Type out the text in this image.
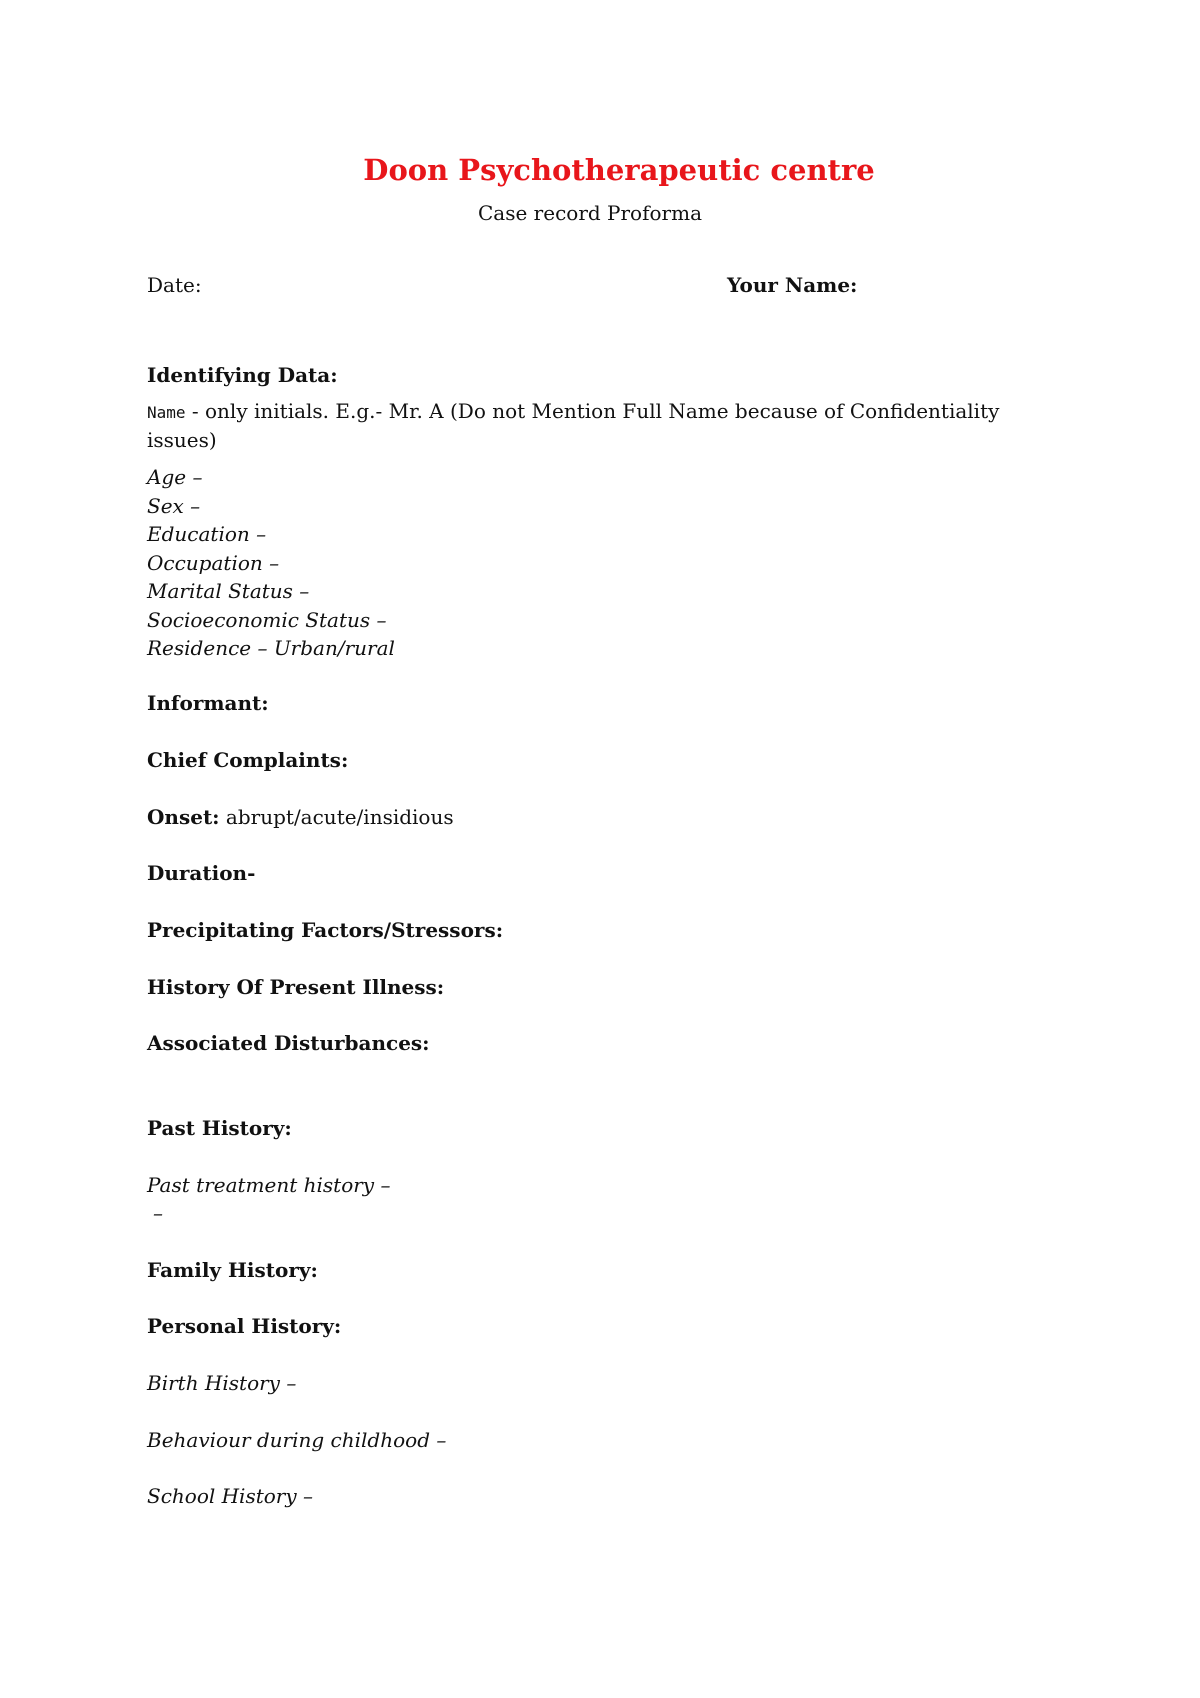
Doon Psychotherapeutic centre
Case record Proforma
Date:	Your Name:
Identifying Data:
Name - only initials. E.g.- Mr. A (Do not Mention Full Name because of Confidentiality
issues)
Age –
Sex –
Education –
Occupation –
Marital Status –
Socioeconomic Status –
Residence – Urban/rural
Informant:
Chief Complaints:
Onset: abrupt/acute/insidious
Duration-
Precipitating Factors/Stressors:
History Of Present Illness:
Associated Disturbances:
Past History:
Past treatment history –
–
Family History:
Personal History:
Birth History –
Behaviour during childhood –
School History –
